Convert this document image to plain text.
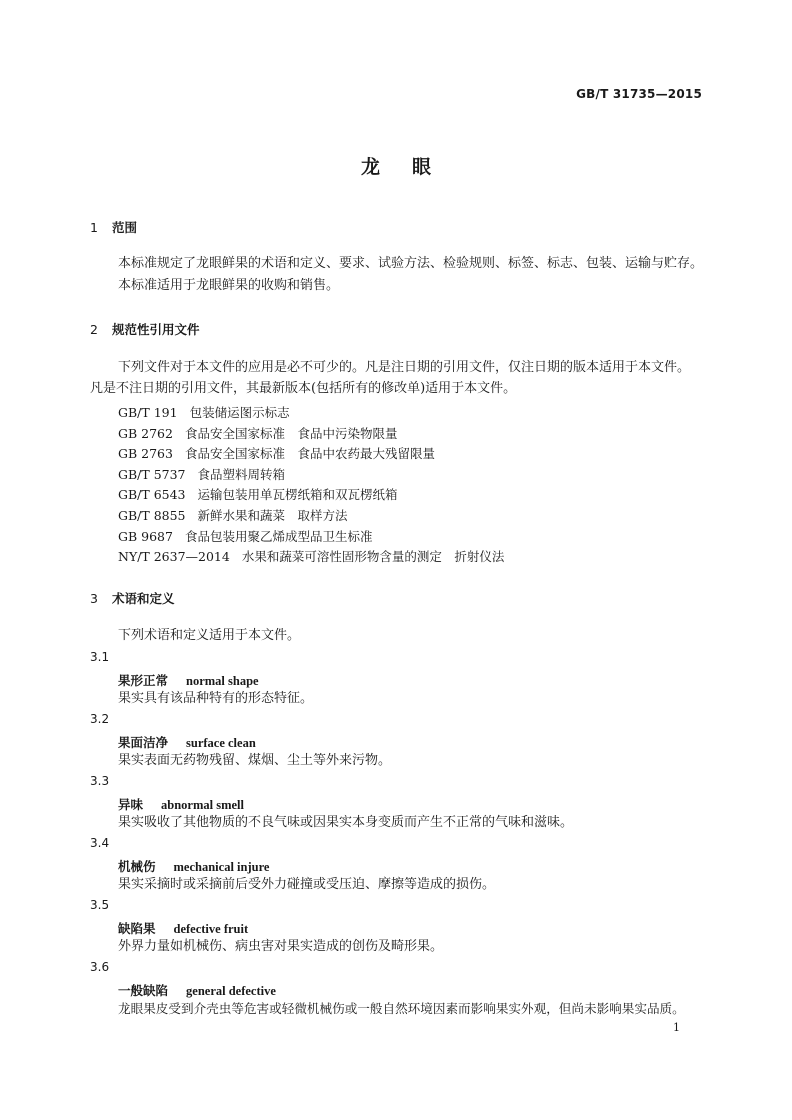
GB/T 31735—2015
龙眼
1 范围
本标准规定了龙眼鲜果的术语和定义、要求、试验方法、检验规则、标签、标志、包装、运输与贮存。
本标准适用于龙眼鲜果的收购和销售。
2 规范性引用文件
下列文件对于本文件的应用是必不可少的。凡是注日期的引用文件，仅注日期的版本适用于本文件。凡是不注日期的引用文件，其最新版本(包括所有的修改单)适用于本文件。
GB/T 191 包装储运图示标志
GB 2762 食品安全国家标准　食品中污染物限量
GB 2763 食品安全国家标准　食品中农药最大残留限量
GB/T 5737 食品塑料周转箱
GB/T 6543 运输包装用单瓦楞纸箱和双瓦楞纸箱
GB/T 8855 新鲜水果和蔬菜　取样方法
GB 9687 食品包装用聚乙烯成型品卫生标准
NY/T 2637—2014 水果和蔬菜可溶性固形物含量的测定　折射仪法
3 术语和定义
下列术语和定义适用于本文件。
3.1
果形正常 normal shape
果实具有该品种特有的形态特征。
3.2
果面洁净 surface clean
果实表面无药物残留、煤烟、尘土等外来污物。
3.3
异味 abnormal smell
果实吸收了其他物质的不良气味或因果实本身变质而产生不正常的气味和滋味。
3.4
机械伤 mechanical injure
果实采摘时或采摘前后受外力碰撞或受压迫、摩擦等造成的损伤。
3.5
缺陷果 defective fruit
外界力量如机械伤、病虫害对果实造成的创伤及畸形果。
3.6
一般缺陷 general defective
龙眼果皮受到介壳虫等危害或轻微机械伤或一般自然环境因素而影响果实外观，但尚未影响果实品质。
1
